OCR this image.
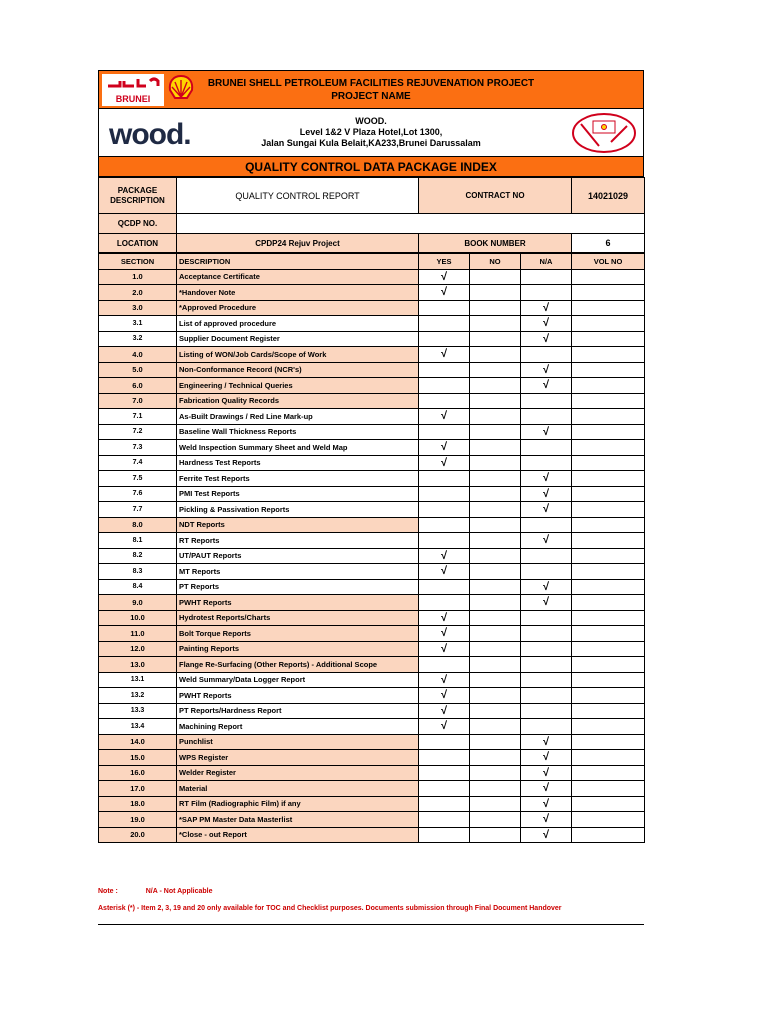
BRUNEI
BRUNEI SHELL PETROLEUM FACILITIES REJUVENATION PROJECT
PROJECT NAME
wood.	WOOD.
Level 1&2 V Plaza Hotel,Lot 1300,
Jalan Sungai Kula Belait,KA233,Brunei Darussalam
QUALITY CONTROL DATA PACKAGE INDEX
PACKAGE
DESCRIPTION	QUALITY CONTROL REPORT	CONTRACT NO	14021029
QCDP NO.			
LOCATION	CPDP24 Rejuv Project	BOOK NUMBER	6
SECTION	DESCRIPTION	YES	NO	N/A	VOL NO
1.0	Acceptance Certificate	√			
2.0	*Handover Note	√			
3.0	*Approved Procedure			√	
3.1	List of approved procedure			√	
3.2	Supplier Document Register			√	
4.0	Listing of WON/Job Cards/Scope of Work	√			
5.0	Non-Conformance Record (NCR's)			√	
6.0	Engineering / Technical Queries			√	
7.0	Fabrication Quality Records				
7.1	As-Built Drawings / Red Line Mark-up	√			
7.2	Baseline Wall Thickness Reports			√	
7.3	Weld Inspection Summary Sheet and Weld Map	√			
7.4	Hardness Test Reports	√			
7.5	Ferrite Test Reports			√	
7.6	PMI Test Reports			√	
7.7	Pickling & Passivation Reports			√	
8.0	NDT Reports				
8.1	RT Reports			√	
8.2	UT/PAUT Reports	√			
8.3	MT Reports	√			
8.4	PT Reports			√	
9.0	PWHT Reports			√	
10.0	Hydrotest Reports/Charts	√			
11.0	Bolt Torque Reports	√			
12.0	Painting Reports	√			
13.0	Flange Re-Surfacing (Other Reports) - Additional Scope				
13.1	Weld Summary/Data Logger Report	√			
13.2	PWHT Reports	√			
13.3	PT Reports/Hardness Report	√			
13.4	Machining Report	√			
14.0	Punchlist			√	
15.0	WPS Register			√	
16.0	Welder Register			√	
17.0	Material			√	
18.0	RT Film (Radiographic Film) if any			√	
19.0	*SAP PM Master Data Masterlist			√	
20.0	*Close - out Report			√	
Note :	N/A - Not Applicable
Asterisk (*) - Item 2, 3, 19 and 20 only available for TOC and Checklist purposes. Documents submission through Final Document Handover
